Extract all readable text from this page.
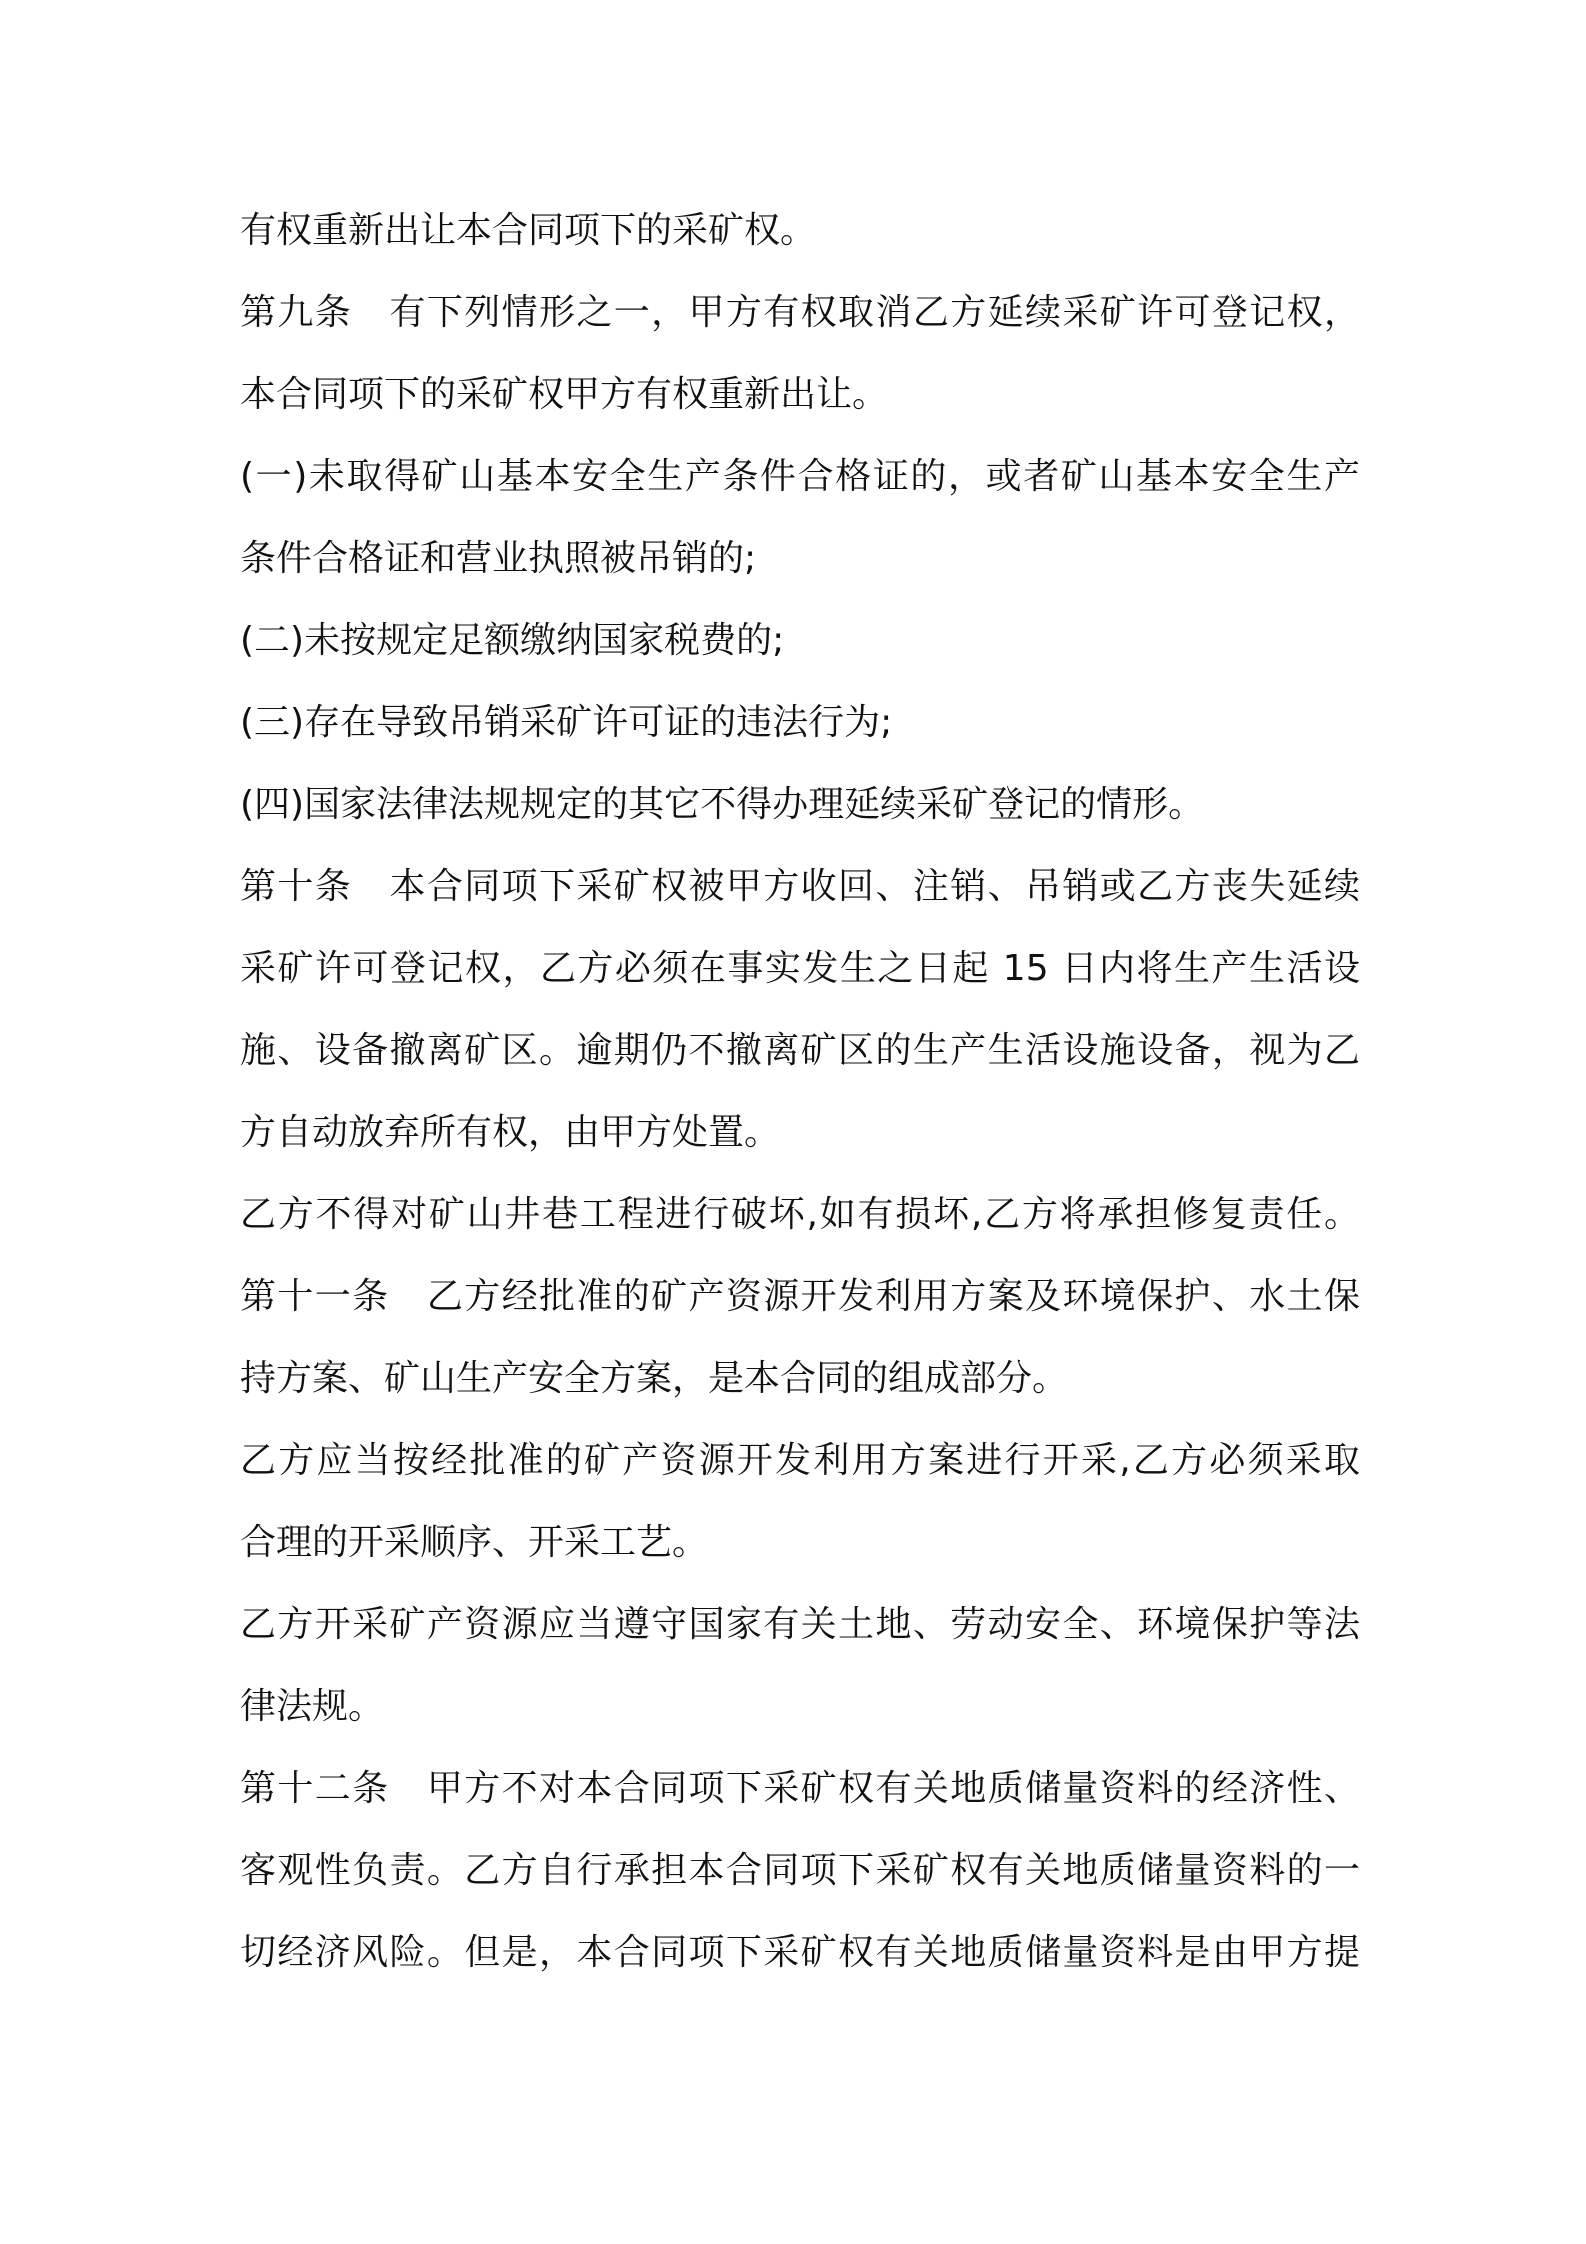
有权重新出让本合同项下的采矿权。
第九条　有下列情形之一，甲方有权取消乙方延续采矿许可登记权，
本合同项下的采矿权甲方有权重新出让。
(一)未取得矿山基本安全生产条件合格证的，或者矿山基本安全生产
条件合格证和营业执照被吊销的;
(二)未按规定足额缴纳国家税费的;
(三)存在导致吊销采矿许可证的违法行为;
(四)国家法律法规规定的其它不得办理延续采矿登记的情形。
第十条　本合同项下采矿权被甲方收回、注销、吊销或乙方丧失延续
采矿许可登记权，乙方必须在事实发生之日起 15 日内将生产生活设
施、设备撤离矿区。逾期仍不撤离矿区的生产生活设施设备，视为乙
方自动放弃所有权，由甲方处置。
乙方不得对矿山井巷工程进行破坏,如有损坏,乙方将承担修复责任。
第十一条　乙方经批准的矿产资源开发利用方案及环境保护、水土保
持方案、矿山生产安全方案，是本合同的组成部分。
乙方应当按经批准的矿产资源开发利用方案进行开采,乙方必须采取
合理的开采顺序、开采工艺。
乙方开采矿产资源应当遵守国家有关土地、劳动安全、环境保护等法
律法规。
第十二条　甲方不对本合同项下采矿权有关地质储量资料的经济性、
客观性负责。乙方自行承担本合同项下采矿权有关地质储量资料的一
切经济风险。但是，本合同项下采矿权有关地质储量资料是由甲方提
